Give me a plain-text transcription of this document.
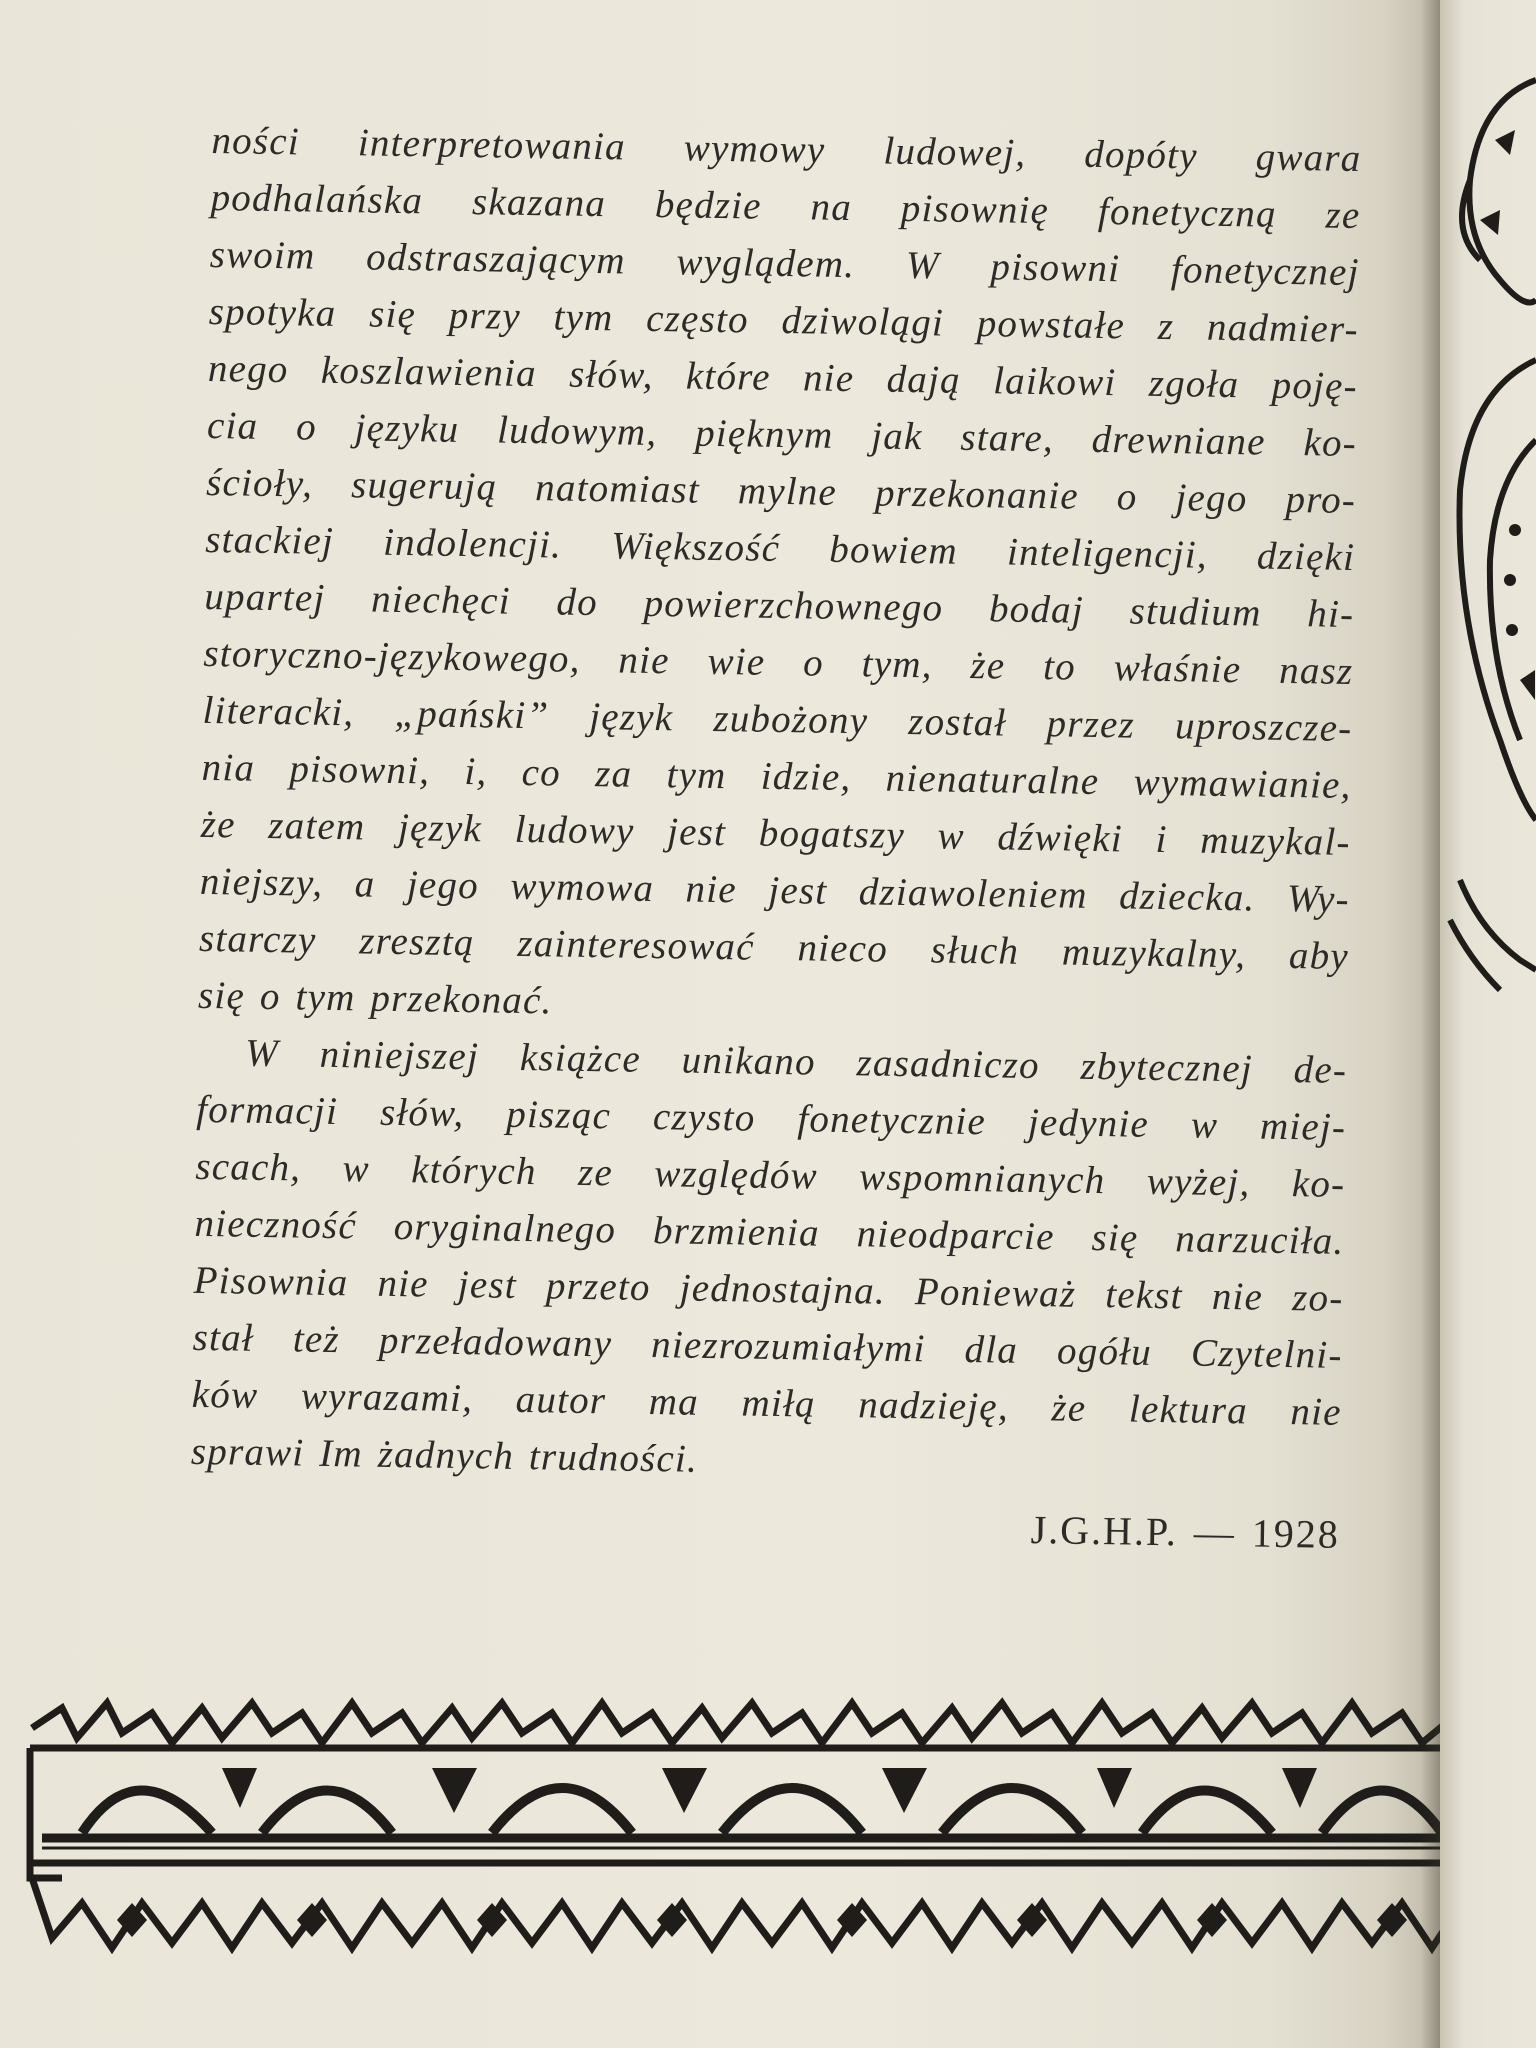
ności interpretowania wymowy ludowej, dopóty gwara
podhalańska skazana będzie na pisownię fonetyczną ze
swoim odstraszającym wyglądem. W pisowni fonetycznej
spotyka się przy tym często dziwolągi powstałe z nadmier-
nego koszlawienia słów, które nie dają laikowi zgoła poję-
cia o języku ludowym, pięknym jak stare, drewniane ko-
ścioły, sugerują natomiast mylne przekonanie o jego pro-
stackiej indolencji. Większość bowiem inteligencji, dzięki
upartej niechęci do powierzchownego bodaj studium hi-
storyczno-językowego, nie wie o tym, że to właśnie nasz
literacki, „pański” język zubożony został przez uproszcze-
nia pisowni, i, co za tym idzie, nienaturalne wymawianie,
że zatem język ludowy jest bogatszy w dźwięki i muzykal-
niejszy, a jego wymowa nie jest dziawoleniem dziecka. Wy-
starczy zresztą zainteresować nieco słuch muzykalny, aby
się o tym przekonać.
W niniejszej książce unikano zasadniczo zbytecznej de-
formacji słów, pisząc czysto fonetycznie jedynie w miej-
scach, w których ze względów wspomnianych wyżej, ko-
nieczność oryginalnego brzmienia nieodparcie się narzuciła.
Pisownia nie jest przeto jednostajna. Ponieważ tekst nie zo-
stał też przeładowany niezrozumiałymi dla ogółu Czytelni-
ków wyrazami, autor ma miłą nadzieję, że lektura nie
sprawi Im żadnych trudności.
J.G.H.P. — 1928
